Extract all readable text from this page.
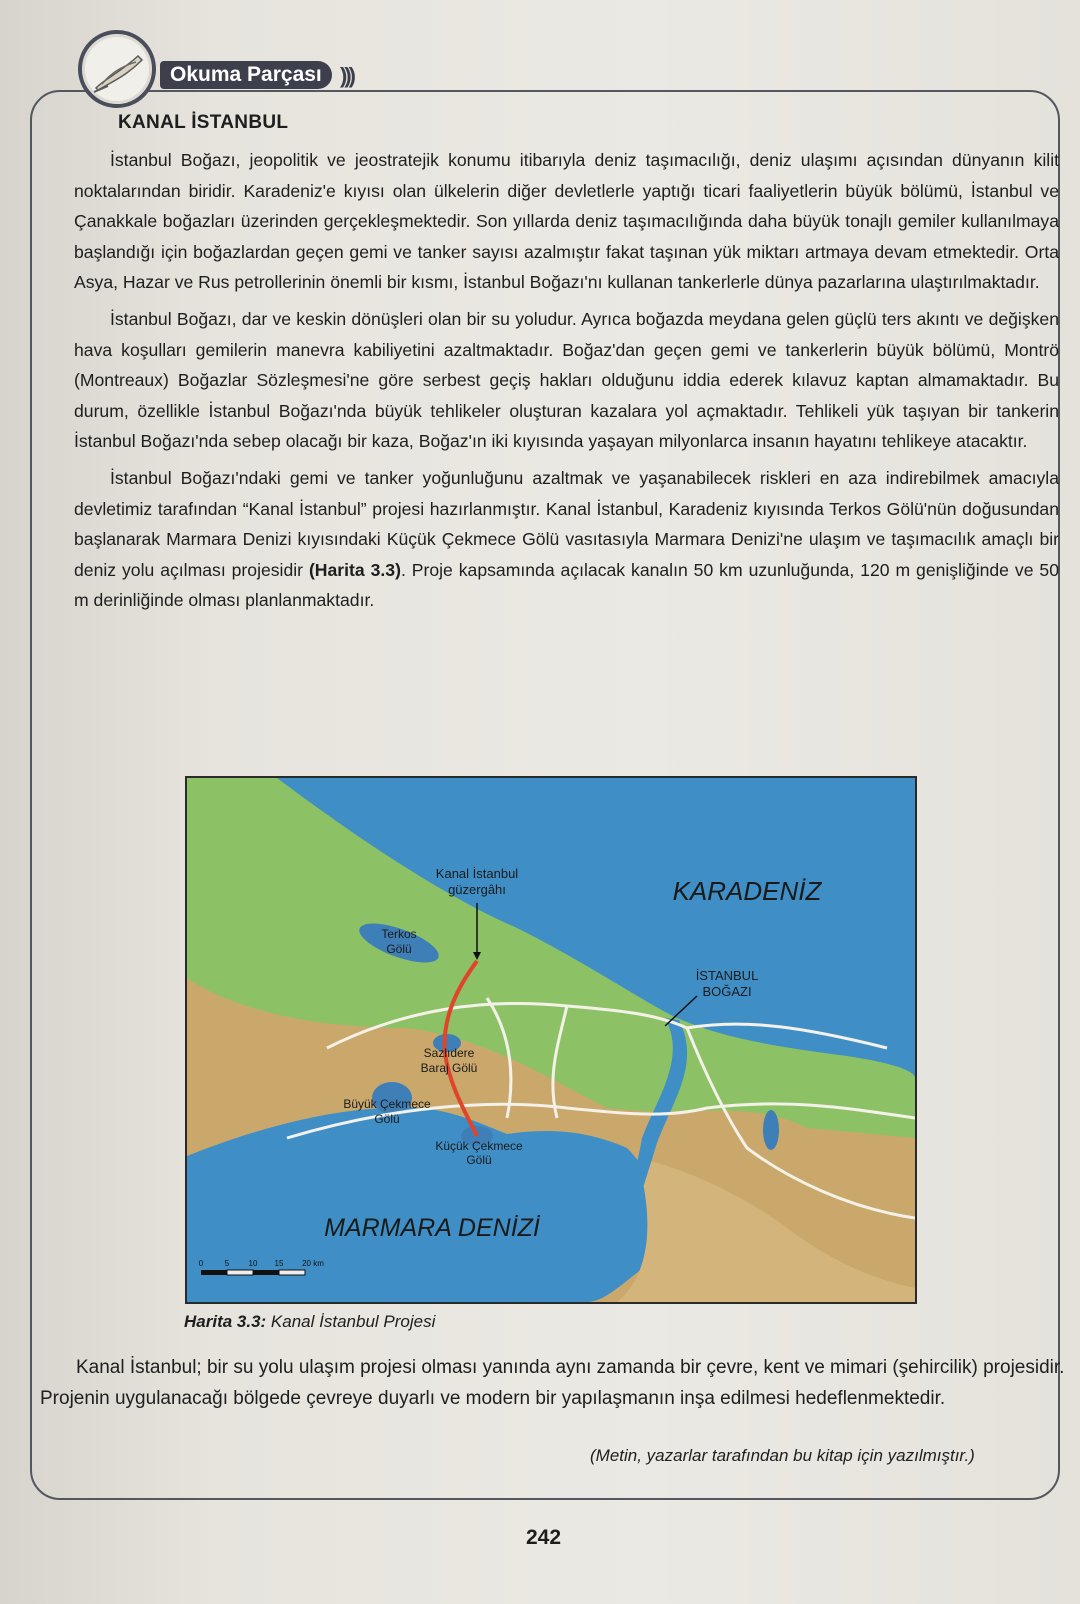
Okuma Parçası )))
KANAL İSTANBUL

İstanbul Boğazı, jeopolitik ve jeostratejik konumu itibarıyla deniz taşımacılığı, deniz ulaşımı açısından dünyanın kilit noktalarından biridir. Karadeniz'e kıyısı olan ülkelerin diğer devletlerle yaptığı ticari faaliyetlerin büyük bölümü, İstanbul ve Çanakkale boğazları üzerinden gerçekleşmektedir. Son yıllarda deniz taşımacılığında daha büyük tonajlı gemiler kullanılmaya başlandığı için boğazlardan geçen gemi ve tanker sayısı azalmıştır fakat taşınan yük miktarı artmaya devam etmektedir. Orta Asya, Hazar ve Rus petrollerinin önemli bir kısmı, İstanbul Boğazı'nı kullanan tankerlerle dünya pazarlarına ulaştırılmaktadır.

İstanbul Boğazı, dar ve keskin dönüşleri olan bir su yoludur. Ayrıca boğazda meydana gelen güçlü ters akıntı ve değişken hava koşulları gemilerin manevra kabiliyetini azaltmaktadır. Boğaz'dan geçen gemi ve tankerlerin büyük bölümü, Montrö (Montreaux) Boğazlar Sözleşmesi'ne göre serbest geçiş hakları olduğunu iddia ederek kılavuz kaptan almamaktadır. Bu durum, özellikle İstanbul Boğazı'nda büyük tehlikeler oluşturan kazalara yol açmaktadır. Tehlikeli yük taşıyan bir tankerin İstanbul Boğazı'nda sebep olacağı bir kaza, Boğaz'ın iki kıyısında yaşayan milyonlarca insanın hayatını tehlikeye atacaktır.

İstanbul Boğazı'ndaki gemi ve tanker yoğunluğunu azaltmak ve yaşanabilecek riskleri en aza indirebilmek amacıyla devletimiz tarafından “Kanal İstanbul” projesi hazırlanmıştır. Kanal İstanbul, Karadeniz kıyısında Terkos Gölü'nün doğusundan başlanarak Marmara Denizi kıyısındaki Küçük Çekmece Gölü vasıtasıyla Marmara Denizi'ne ulaşım ve taşımacılık amaçlı bir deniz yolu açılması projesidir (Harita 3.3). Proje kapsamında açılacak kanalın 50 km uzunluğunda, 120 m genişliğinde ve 50 m derinliğinde olması planlanmaktadır.

Kanal İstanbul
güzergâhı	KARADENİZ
İSTANBUL
BOĞAZI
Terkos
Gölü
Sazlıdere
Baraj Gölü
Büyük Çekmece
Gölü
Küçük Çekmece
Gölü
MARMARA DENİZİ
0	5 10 15 20 km
Harita 3.3: Kanal İstanbul Projesi

Kanal İstanbul; bir su yolu ulaşım projesi olması yanında aynı zamanda bir çevre, kent ve mimari (şehircilik) projesidir. Projenin uygulanacağı bölgede çevreye duyarlı ve modern bir yapılaşmanın inşa edilmesi hedeflenmektedir.

(Metin, yazarlar tarafından bu kitap için yazılmıştır.)
242
